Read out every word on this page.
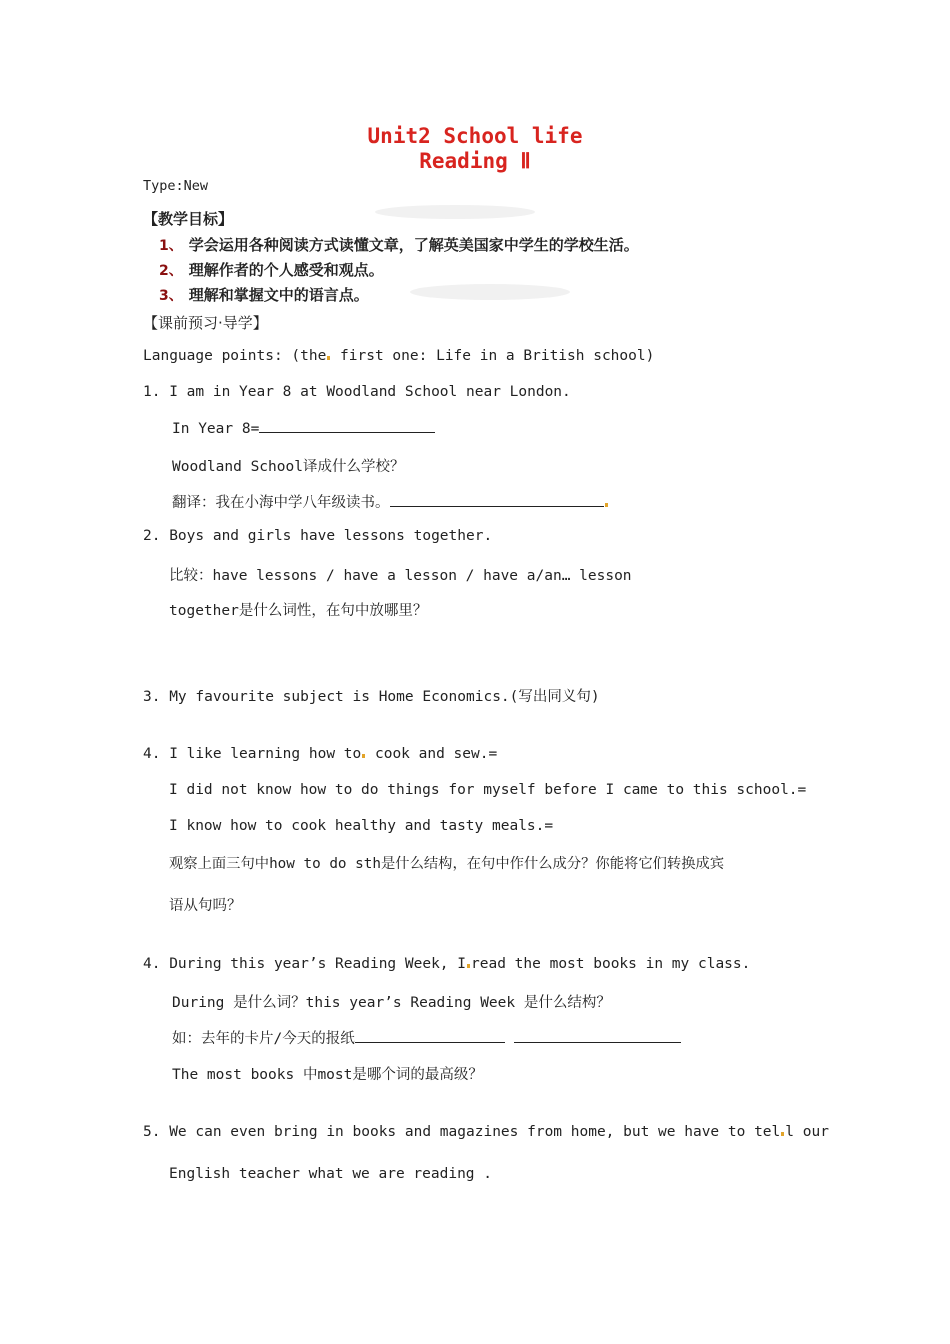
Unit2 School life
Reading Ⅱ
Type:New
【教学目标】
1、 学会运用各种阅读方式读懂文章，了解英美国家中学生的学校生活。
2、 理解作者的个人感受和观点。
3、 理解和掌握文中的语言点。
【课前预习·导学】
Language points: (the first one: Life in a British school)
1. I am in Year 8 at Woodland School near London.
In Year 8=
Woodland School译成什么学校？
翻译：我在小海中学八年级读书。
2. Boys and girls have lessons together.
比较：have lessons / have a lesson / have a/an… lesson
together是什么词性，在句中放哪里？
3. My favourite subject is Home Economics.(写出同义句)
4. I like learning how to cook and sew.=
I did not know how to do things for myself before I came to this school.=
I know how to cook healthy and tasty meals.=
观察上面三句中how to do sth是什么结构，在句中作什么成分？你能将它们转换成宾
语从句吗？
4. During this year’s Reading Week, I read the most books in my class.
During 是什么词？this year’s Reading Week 是什么结构？
如：去年的卡片/今天的报纸
The most books 中most是哪个词的最高级？
5. We can even bring in books and magazines from home, but we have to tel l our
English teacher what we are reading .
